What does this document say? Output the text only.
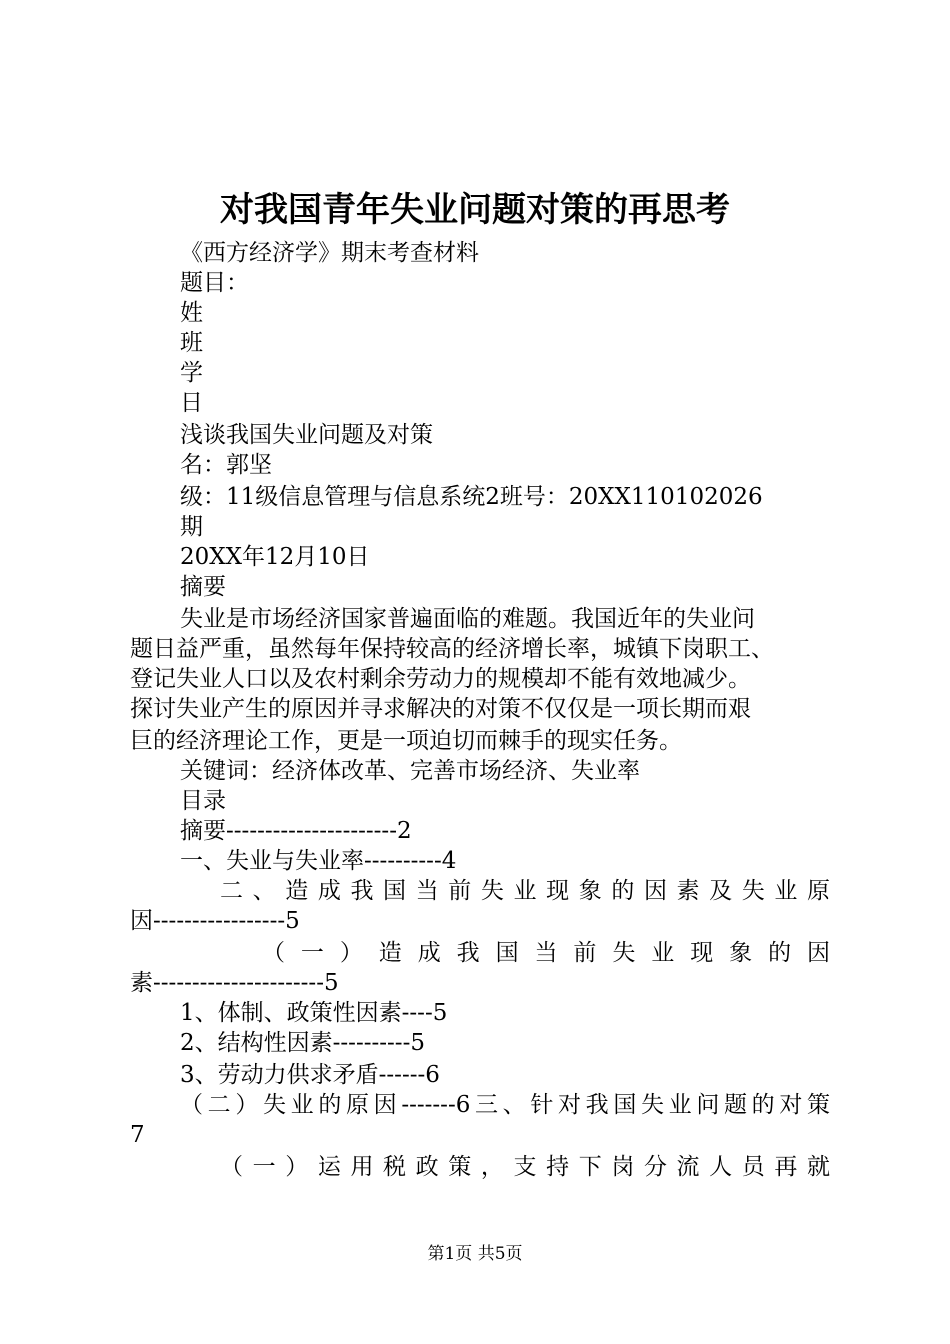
对我国青年失业问题对策的再思考
《西方经济学》期末考查材料
题目：
姓
班
学
日
浅谈我国失业问题及对策
名：郭坚
级：11级信息管理与信息系统2班号：20XX110102026
期
20XX年12月10日
摘要
失业是市场经济国家普遍面临的难题。我国近年的失业问
题日益严重，虽然每年保持较高的经济增长率，城镇下岗职工、
登记失业人口以及农村剩余劳动力的规模却不能有效地减少。
探讨失业产生的原因并寻求解决的对策不仅仅是一项长期而艰
巨的经济理论工作，更是一项迫切而棘手的现实任务。
关键词：经济体改革、完善市场经济、失业率
目录
摘要----------------------2
一、失业与失业率----------4
二、造成我国当前失业现象的因素及失业原
因-----------------5
（一）造成我国当前失业现象的因
素----------------------5
1、体制、政策性因素----5
2、结构性因素----------5
3、劳动力供求矛盾------6
（二）失业的原因-------6三、针对我国失业问题的对策
7
（一）运用税政策，支持下岗分流人员再就
第1页 共5页
